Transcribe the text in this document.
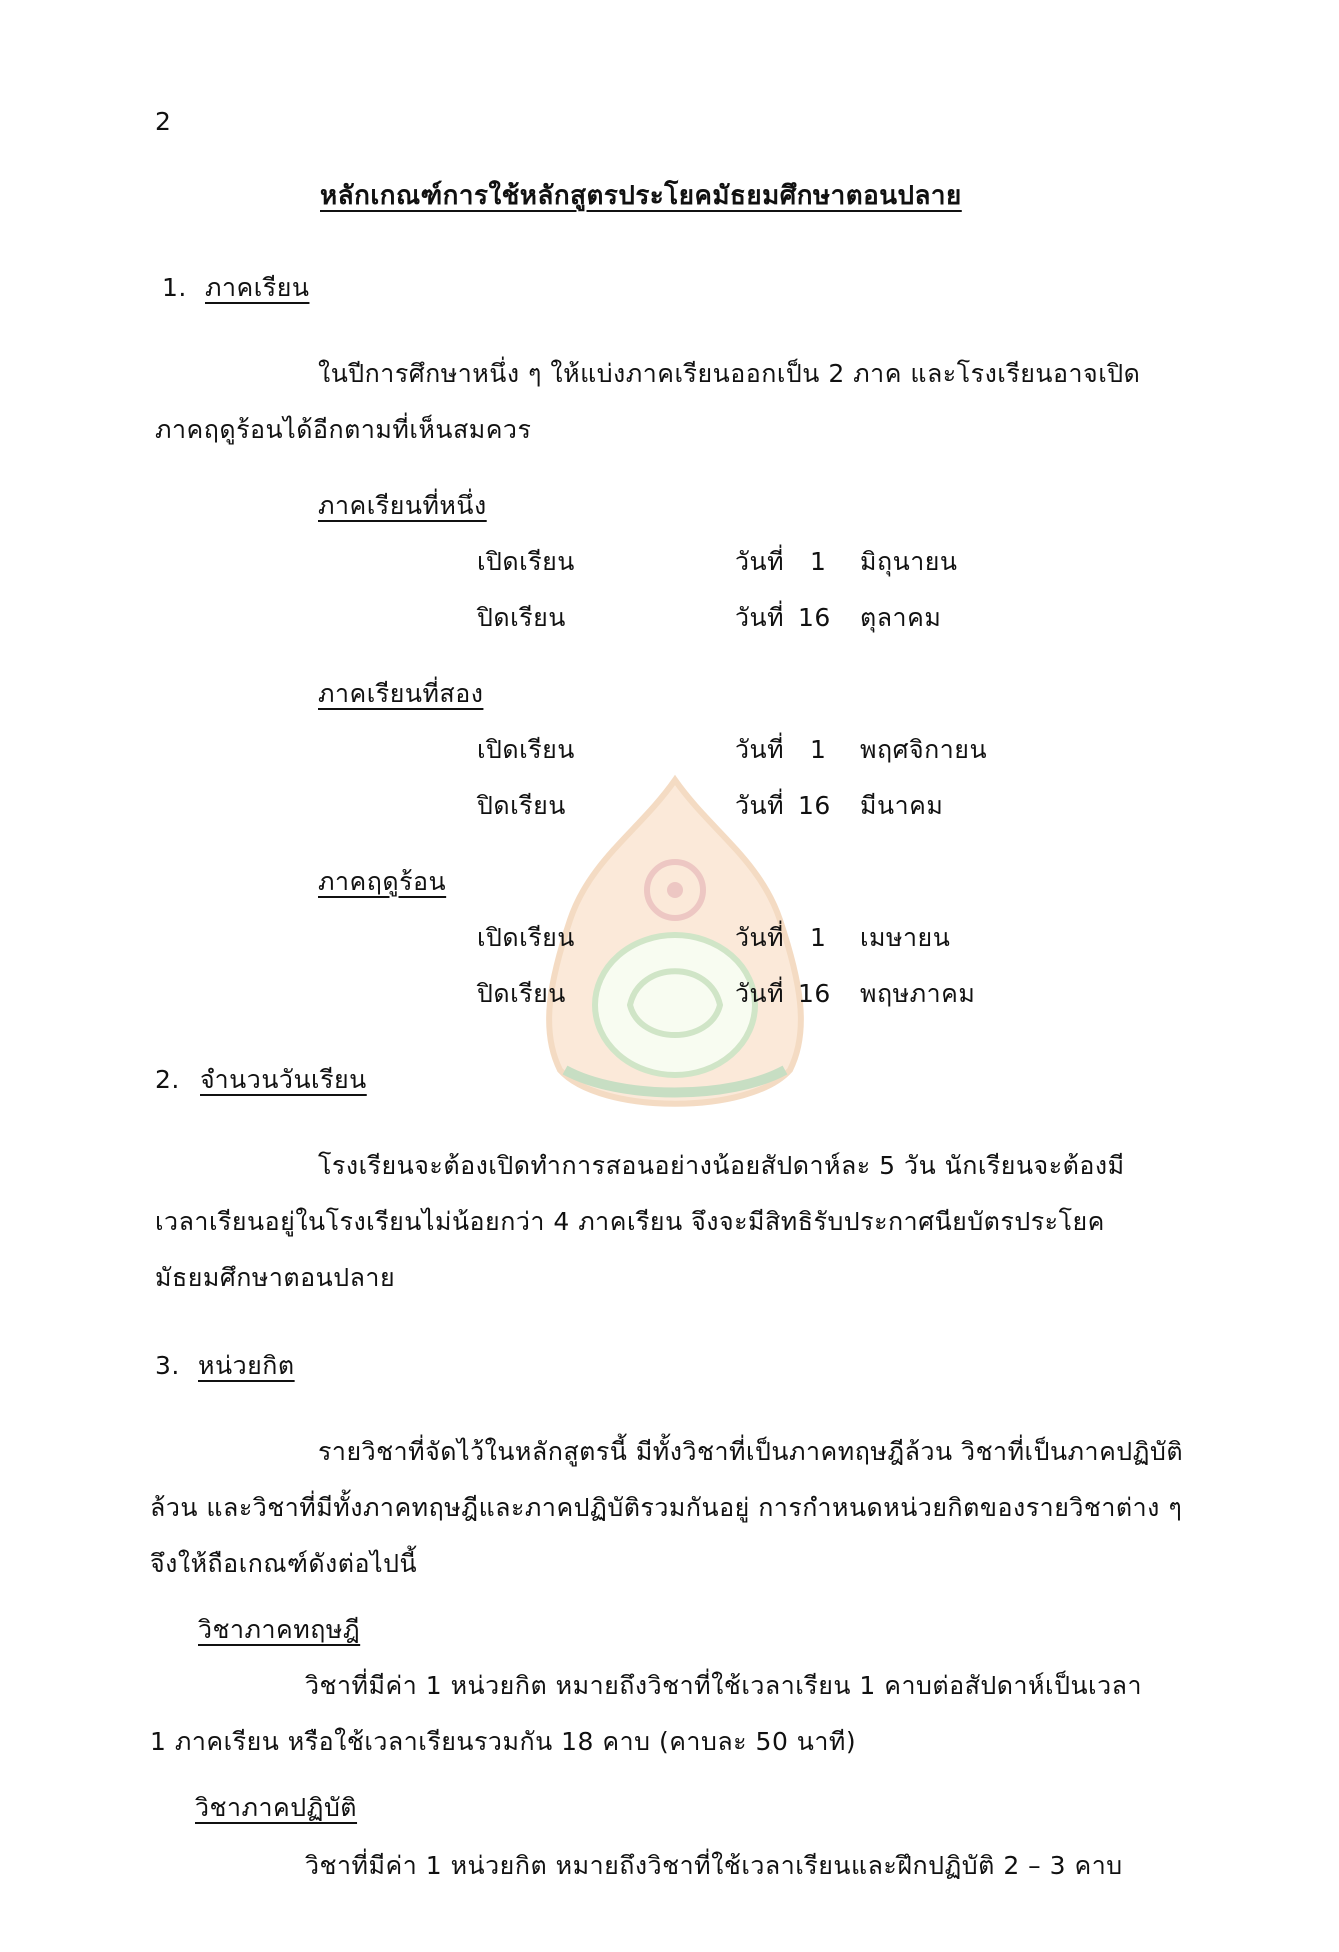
2
หลักเกณฑ์การใช้หลักสูตรประโยคมัธยมศึกษาตอนปลาย
1. ภาคเรียน
ในปีการศึกษาหนึ่ง ๆ ให้แบ่งภาคเรียนออกเป็น 2 ภาค และโรงเรียนอาจเปิด
ภาคฤดูร้อนได้อีกตามที่เห็นสมควร
ภาคเรียนที่หนึ่ง
เปิดเรียน	วันที่ 1 มิถุนายน
ปิดเรียน	วันที่ 16 ตุลาคม
ภาคเรียนที่สอง
เปิดเรียน	วันที่ 1 พฤศจิกายน
ปิดเรียน	วันที่ 16 มีนาคม
ภาคฤดูร้อน
เปิดเรียน	วันที่ 1 เมษายน
ปิดเรียน	วันที่ 16 พฤษภาคม
2. จำนวนวันเรียน
โรงเรียนจะต้องเปิดทำการสอนอย่างน้อยสัปดาห์ละ 5 วัน นักเรียนจะต้องมี
เวลาเรียนอยู่ในโรงเรียนไม่น้อยกว่า 4 ภาคเรียน จึงจะมีสิทธิรับประกาศนียบัตรประโยค
มัธยมศึกษาตอนปลาย
3. หน่วยกิต
รายวิชาที่จัดไว้ในหลักสูตรนี้ มีทั้งวิชาที่เป็นภาคทฤษฎีล้วน วิชาที่เป็นภาคปฏิบัติ
ล้วน และวิชาที่มีทั้งภาคทฤษฎีและภาคปฏิบัติรวมกันอยู่ การกำหนดหน่วยกิตของรายวิชาต่าง ๆ
จึงให้ถือเกณฑ์ดังต่อไปนี้
วิชาภาคทฤษฎี
วิชาที่มีค่า 1 หน่วยกิต หมายถึงวิชาที่ใช้เวลาเรียน 1 คาบต่อสัปดาห์เป็นเวลา
1 ภาคเรียน หรือใช้เวลาเรียนรวมกัน 18 คาบ (คาบละ 50 นาที)
วิชาภาคปฏิบัติ
วิชาที่มีค่า 1 หน่วยกิต หมายถึงวิชาที่ใช้เวลาเรียนและฝึกปฏิบัติ 2 – 3 คาบ
